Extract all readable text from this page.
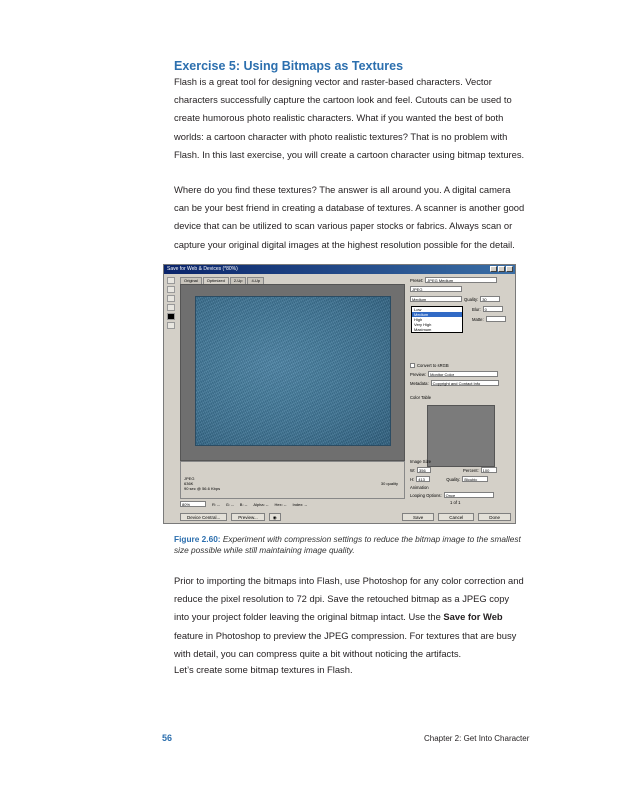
Exercise 5: Using Bitmaps as Textures

Flash is a great tool for designing vector and raster-based characters. Vector characters successfully capture the cartoon look and feel. Cutouts can be used to create humorous photo realistic characters. What if you wanted the best of both worlds: a cartoon character with photo realistic textures? That is no problem with Flash. In this last exercise, you will create a cartoon character using bitmap textures.

Where do you find these textures? The answer is all around you. A digital camera can be your best friend in creating a database of textures. A scanner is another good device that can be utilized to scan various paper stocks or fabrics. Always scan or capture your original digital images at the highest resolution possible for the detail.

Save for Web & Devices (*80%)
Original	Optimized	2-Up	4-Up
JPEG
636K
90 sec @ 56.6 Kbps
30 quality
80%	R: -- G: -- B: -- Alpha: -- Hex: -- Index: --
Device Central...	Preview...	◉	Save	Cancel	Done
Preset:	JPEG Medium
JPEG
Medium	Quality:	30
Blur:	0
Matte:
Low
Medium
High
Very High
Maximum
Convert to sRGB
Preview:	Monitor Color
Metadata:	Copyright and Contact Info
Color Table
Image Size
W:	356	Percent:	100
H:	413	Quality:	Bicubic
Animation
Looping Options:	Once
1 of 1

Figure 2.60: Experiment with compression settings to reduce the bitmap image to the smallest size possible while still maintaining image quality.

Prior to importing the bitmaps into Flash, use Photoshop for any color correction and reduce the pixel resolution to 72 dpi. Save the retouched bitmap as a JPEG copy into your project folder leaving the original bitmap intact. Use the Save for Web feature in Photoshop to preview the JPEG compression. For textures that are busy with detail, you can compress quite a bit without noticing the artifacts.

Let’s create some bitmap textures in Flash.

56	Chapter 2: Get Into Character
